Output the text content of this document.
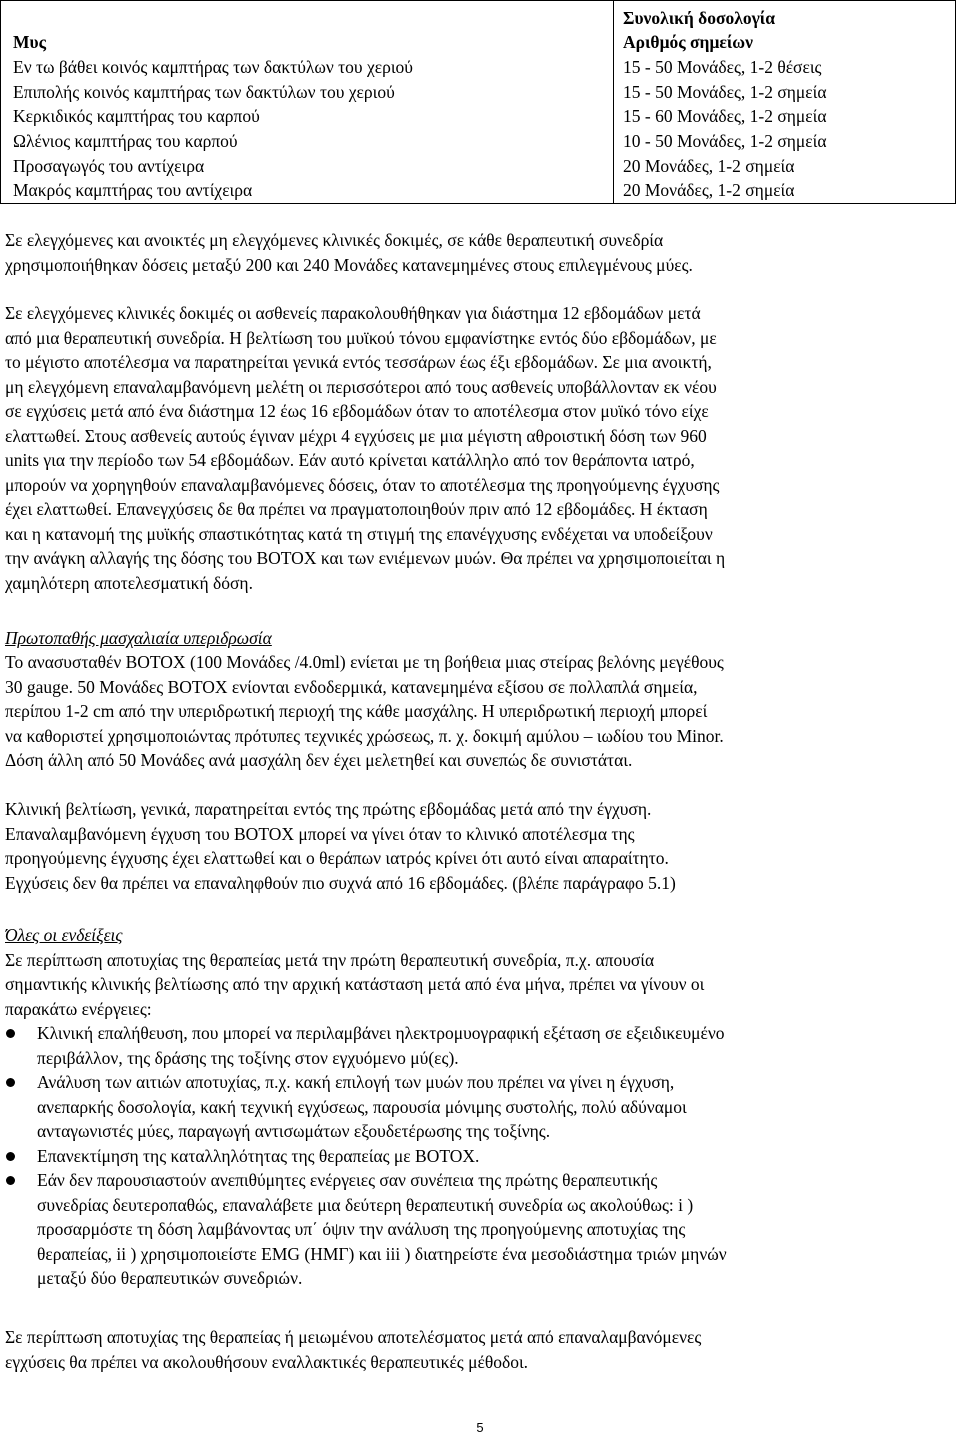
Μυς
Εν τω βάθει κοινός καμπτήρας των δακτύλων του χεριού
Επιπολής κοινός καμπτήρας των δακτύλων του χεριού
Κερκιδικός καμπτήρας του καρπού
Ωλένιος καμπτήρας του καρπού
Προσαγωγός του αντίχειρα
Μακρός καμπτήρας του αντίχειρα
Συνολική δοσολογία
Αριθμός σημείων
15 - 50 Μονάδες, 1-2 θέσεις
15 - 50 Μονάδες, 1-2 σημεία
15 - 60 Μονάδες, 1-2 σημεία
10 - 50 Μονάδες, 1-2 σημεία
20 Μονάδες, 1-2 σημεία
20 Μονάδες, 1-2 σημεία
Σε ελεγχόμενες και ανοικτές μη ελεγχόμενες κλινικές δοκιμές, σε κάθε θεραπευτική συνεδρία
χρησιμοποιήθηκαν δόσεις μεταξύ 200 και 240 Μονάδες κατανεμημένες στους επιλεγμένους μύες.
Σε ελεγχόμενες κλινικές δοκιμές οι ασθενείς παρακολουθήθηκαν για διάστημα 12 εβδομάδων μετά
από μια θεραπευτική συνεδρία. Η βελτίωση του μυϊκού τόνου εμφανίστηκε εντός δύο εβδομάδων, με
το μέγιστο αποτέλεσμα να παρατηρείται γενικά εντός τεσσάρων έως έξι εβδομάδων. Σε μια ανοικτή,
μη ελεγχόμενη επαναλαμβανόμενη μελέτη οι περισσότεροι από τους ασθενείς υποβάλλονταν εκ νέου
σε εγχύσεις μετά από ένα διάστημα 12 έως 16 εβδομάδων όταν το αποτέλεσμα στον μυϊκό τόνο είχε
ελαττωθεί. Στους ασθενείς αυτούς έγιναν μέχρι 4 εγχύσεις με μια μέγιστη αθροιστική δόση των 960
units για την περίοδο των 54 εβδομάδων. Εάν αυτό κρίνεται κατάλληλο από τον θεράποντα ιατρό,
μπορούν να χορηγηθούν επαναλαμβανόμενες δόσεις, όταν το αποτέλεσμα της προηγούμενης έγχυσης
έχει ελαττωθεί. Επανεγχύσεις δε θα πρέπει να πραγματοποιηθούν πριν από 12 εβδομάδες. Η έκταση
και η κατανομή της μυϊκής σπαστικότητας κατά τη στιγμή της επανέγχυσης ενδέχεται να υποδείξουν
την ανάγκη αλλαγής της δόσης του BOTOX και των ενιέμενων μυών. Θα πρέπει να χρησιμοποιείται η
χαμηλότερη αποτελεσματική δόση.
Πρωτοπαθής μασχαλιαία υπεριδρωσία
Το ανασυσταθέν BOTOX (100 Μονάδες /4.0ml) ενίεται με τη βοήθεια μιας στείρας βελόνης μεγέθους
30 gauge. 50 Μονάδες BOTOX ενίονται ενδοδερμικά, κατανεμημένα εξίσου σε πολλαπλά σημεία,
περίπου 1-2 cm από την υπεριδρωτική περιοχή της κάθε μασχάλης. Η υπεριδρωτική περιοχή μπορεί
να καθοριστεί χρησιμοποιώντας πρότυπες τεχνικές χρώσεως, π. χ. δοκιμή αμύλου – ιωδίου του Minor.
Δόση άλλη από 50 Μονάδες ανά μασχάλη δεν έχει μελετηθεί και συνεπώς δε συνιστάται.
Κλινική βελτίωση, γενικά, παρατηρείται εντός της πρώτης εβδομάδας μετά από την έγχυση.
Επαναλαμβανόμενη έγχυση του BOTOX μπορεί να γίνει όταν το κλινικό αποτέλεσμα της
προηγούμενης έγχυσης έχει ελαττωθεί και ο θεράπων ιατρός κρίνει ότι αυτό είναι απαραίτητο.
Εγχύσεις δεν θα πρέπει να επαναληφθούν πιο συχνά από 16 εβδομάδες. (βλέπε παράγραφο 5.1)
Όλες οι ενδείξεις
Σε περίπτωση αποτυχίας της θεραπείας μετά την πρώτη θεραπευτική συνεδρία, π.χ. απουσία
σημαντικής κλινικής βελτίωσης από την αρχική κατάσταση μετά από ένα μήνα, πρέπει να γίνουν οι
παρακάτω ενέργειες:
Κλινική επαλήθευση, που μπορεί να περιλαμβάνει ηλεκτρομυογραφική εξέταση σε εξειδικευμένο
περιβάλλον, της δράσης της τοξίνης στον εγχυόμενο μύ(ες).
Ανάλυση των αιτιών αποτυχίας, π.χ. κακή επιλογή των μυών που πρέπει να γίνει η έγχυση,
ανεπαρκής δοσολογία, κακή τεχνική εγχύσεως, παρουσία μόνιμης συστολής, πολύ αδύναμοι
ανταγωνιστές μύες, παραγωγή αντισωμάτων εξουδετέρωσης της τοξίνης.
Επανεκτίμηση της καταλληλότητας της θεραπείας με BOTOX.
Εάν δεν παρουσιαστούν ανεπιθύμητες ενέργειες σαν συνέπεια της πρώτης θεραπευτικής
συνεδρίας δευτεροπαθώς, επαναλάβετε μια δεύτερη θεραπευτική συνεδρία ως ακολούθως: i )
προσαρμόστε τη δόση λαμβάνοντας υπ΄ όψιν την ανάλυση της προηγούμενης αποτυχίας της
θεραπείας, ii ) χρησιμοποιείστε EMG (ΗΜΓ) και iii ) διατηρείστε ένα μεσοδιάστημα τριών μηνών
μεταξύ δύο θεραπευτικών συνεδριών.
Σε περίπτωση αποτυχίας της θεραπείας ή μειωμένου αποτελέσματος μετά από επαναλαμβανόμενες
εγχύσεις θα πρέπει να ακολουθήσουν εναλλακτικές θεραπευτικές μέθοδοι.
5
